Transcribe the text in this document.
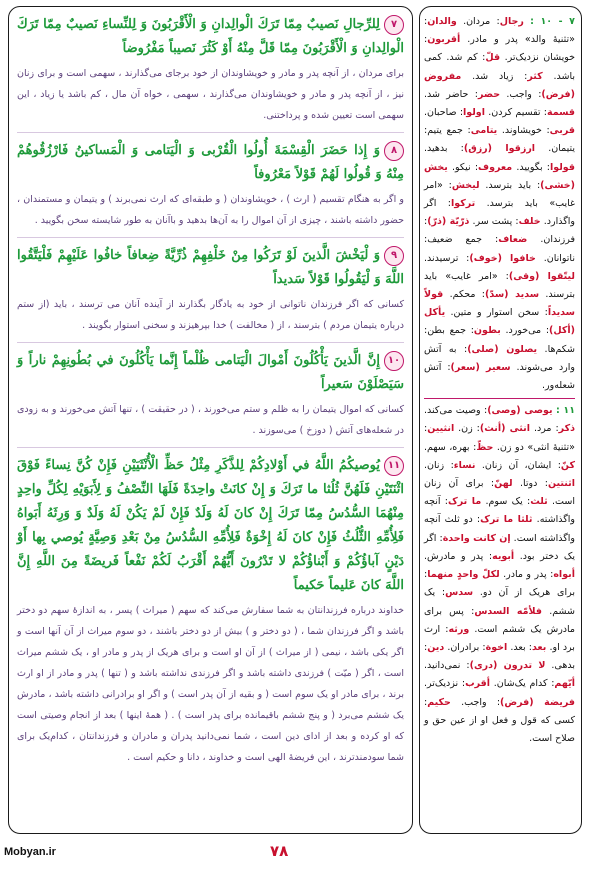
۷لِلرِّجالِ نَصيبٌ مِمّا تَرَكَ الْوالِدانِ وَ الْأَقْرَبُونَ وَ لِلنِّساءِ نَصيبٌ مِمّا تَرَكَ الْوالِدانِ وَ الْأَقْرَبُونَ مِمّا قَلَّ مِنْهُ أَوْ كَثُرَ نَصيباً مَفْرُوضاً
برای مردان ، از آنچه پدر و مادر و خویشاوندان از خود برجای می‌گذارند ، سهمی است و برای زنان نیز ، از آنچه پدر و مادر و خویشاوندان می‌گذارند ، سهمی ، خواه آن مال ، کم باشد یا زیاد ، این سهمی است تعیین شده و پرداختنی.
۸وَ إِذا حَضَرَ الْقِسْمَةَ أُولُوا الْقُرْبى وَ الْيَتامى وَ الْمَساكينُ فَارْزُقُوهُمْ مِنْهُ وَ قُولُوا لَهُمْ قَوْلاً مَعْرُوفاً
و اگر به هنگام تقسیم ( ارث ) ، خویشاوندان ( و طبقه‌ای که ارث نمی‌برند ) و یتیمان و مستمندان ، حضور داشته باشند ، چیزی از آن اموال را به آن‌ها بدهید و باآنان به طور شایسته سخن بگویید .
۹وَ لْيَخْشَ الَّذينَ لَوْ تَرَكُوا مِنْ خَلْفِهِمْ ذُرِّيَّةً ضِعافاً خافُوا عَلَيْهِمْ فَلْيَتَّقُوا اللَّهَ وَ لْيَقُولُوا قَوْلاً سَديداً
کسانی که اگر فرزندان ناتوانی از خود به یادگار بگذارند از آینده آنان می ترسند ، باید (از ستم درباره یتیمان مردم ) بترسند ، از ( مخالفت ) خدا بپرهیزند و سخنی استوار بگویند .
۱۰إِنَّ الَّذينَ يَأْكُلُونَ أَمْوالَ الْيَتامى ظُلْماً إِنَّما يَأْكُلُونَ في بُطُونِهِمْ ناراً وَ سَيَصْلَوْنَ سَعيراً
کسانی که اموال یتیمان را به ظلم و ستم می‌خورند ، ( در حقیقت ) ، تنها آتش می‌خورند و به زودی در شعله‌های آتش ( دوزخ ) می‌سوزند .
۱۱يُوصيكُمُ اللَّهُ في أَوْلادِكُمْ لِلذَّكَرِ مِثْلُ حَظِّ الْأُنْثَيَيْنِ فَإِنْ كُنَّ نِساءً فَوْقَ اثْنَتَيْنِ فَلَهُنَّ ثُلُثا ما تَرَكَ وَ إِنْ كانَتْ واحِدَةً فَلَهَا النِّصْفُ وَ لِأَبَوَيْهِ لِكُلِّ واحِدٍ مِنْهُمَا السُّدُسُ مِمّا تَرَكَ إِنْ كانَ لَهُ وَلَدٌ فَإِنْ لَمْ يَكُنْ لَهُ وَلَدٌ وَ وَرِثَهُ أَبَواهُ فَلِأُمِّهِ الثُّلُثُ فَإِنْ كانَ لَهُ إِخْوَةٌ فَلِأُمِّهِ السُّدُسُ مِنْ بَعْدِ وَصِيَّةٍ يُوصي بِها أَوْ دَيْنٍ آباؤُكُمْ وَ أَبْناؤُكُمْ لا تَدْرُونَ أَيُّهُمْ أَقْرَبُ لَكُمْ نَفْعاً فَريضَةً مِنَ اللَّهِ إِنَّ اللَّهَ كانَ عَليماً حَكيماً
خداوند درباره فرزندانتان به شما سفارش می‌کند که سهم ( میراث ) پسر ، به اندازۀ سهم دو دختر باشد و اگر فرزندان شما ، ( دو دختر و ) بیش از دو دختر باشند ، دو سوم میراث از آن آنها است و اگر یکی باشد ، نیمی ( از میراث ) از آن او است و برای هریک از پدر و مادر او ، یک ششم میراث است ، اگر ( میّت ) فرزندی داشته باشد و اگر فرزندی نداشته باشد و ( تنها ) پدر و مادر از او ارث برند ، برای مادر او یک سوم است ( و بقیه از آن پدر است ) و اگر او برادرانی داشته باشد ، مادرش یک ششم می‌برد ( و پنج ششم باقیمانده برای پدر است ) . ( همۀ اینها ) بعد از انجام وصیتی است که او کرده و بعد از ادای دین است ، شما نمی‌دانید پدران و مادران و فرزندانتان ، کدام‌یک برای شما سودمندترند ، این فریضۀ الهی است و خداوند ، دانا و حکیم است .
۷ - ۱۰ : رجال: مردان. والدان: «تثنیۀ والد» پدر و مادر. أقربون: خویشان نزدیک‌تر. قلّ: کم شد. کمی باشد. کثر: زیاد شد. مفروض (فرض): واجب. حضر: حاضر شد. قسمة: تقسیم کردن. اولوا: صاحبان. قربی: خویشاوند. یتامی: جمع یتیم: یتیمان. ارزقوا (رزق): بدهید. قولوا: بگویید. معروف: نیکو. یخش (خشی): باید بترسد. لیخش: «امر غایب» باید بترسد. ترکوا: اگر واگذارد. خلف: پشت سر. ذرّیّة (ذرّ): فرزندان. ضعاف: جمع ضعیف: ناتوانان. خافوا (خوف): ترسیدند. لیتّقوا (وقی): «امر غایب» باید بترسند. سدید (سدّ): محکم. قولاً سدیداً: سخن استوار و متین. یأکل (أکل): می‌خورد. بطون: جمع بطن: شکم‌ها. یصلون (صلی): به آتش وارد می‌شوند. سعیر (سعر): آتش شعله‌ور.
۱۱ : یوصی (وصی): وصیت می‌کند. ذکر: مرد. انثی (أنث): زن. انثیین: «تثنیۀ انثی» دو زن. حظّ: بهره، سهم. کنّ: ایشان، آن زنان. نساء: زنان. اثنتین: دوتا. لهنّ: برای آن زنان است. ثلث: یک سوم. ما ترک: آنچه واگذاشته. ثلثا ما ترک: دو ثلث آنچه واگذاشته است. إن کانت واحدة: اگر یک دختر بود. أبویه: پدر و مادرش. أبواه: پدر و مادر. لکلّ واحدٍ منهما: برای هریک از آن دو. سدس: یک ششم. فلأمّه السدس: پس برای مادرش یک ششم است. ورثه: ارث برد او. بعد: بعد. اخوة: برادران. دین: بدهی. لا تدرون (دری): نمی‌دانید. أیّهم: کدام یک‌شان. أقرب: نزدیک‌تر. فریضة (فرض): واجب. حکیم: کسی که قول و فعل او از عین حق و صلاح است.
Mobyan.ir	۷۸
